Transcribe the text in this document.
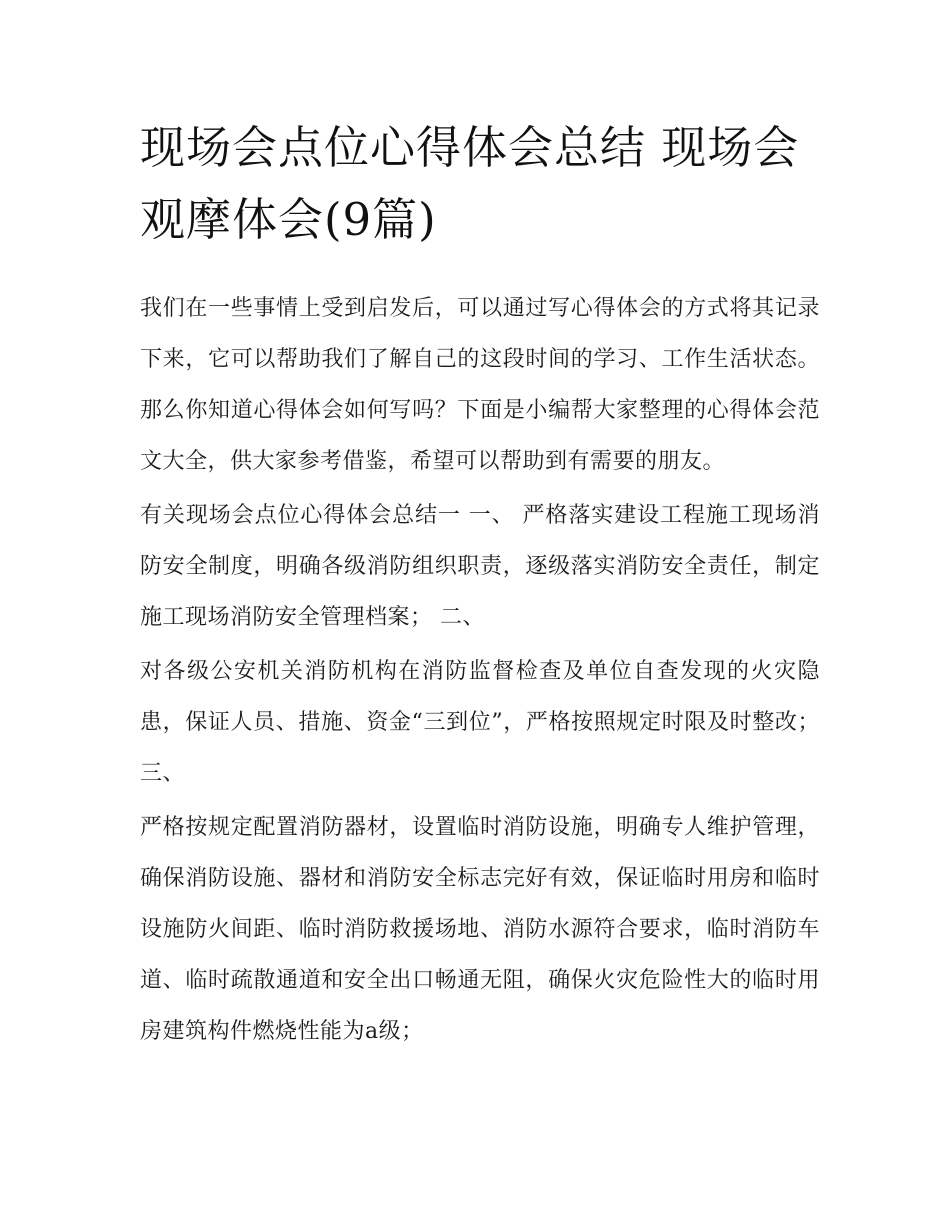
现场会点位心得体会总结 现场会观摩体会(9篇)

我们在一些事情上受到启发后，可以通过写心得体会的方式将其记录下来，它可以帮助我们了解自己的这段时间的学习、工作生活状态。那么你知道心得体会如何写吗？下面是小编帮大家整理的心得体会范文大全，供大家参考借鉴，希望可以帮助到有需要的朋友。

有关现场会点位心得体会总结一 一、 严格落实建设工程施工现场消防安全制度，明确各级消防组织职责，逐级落实消防安全责任，制定施工现场消防安全管理档案； 二、

对各级公安机关消防机构在消防监督检查及单位自查发现的火灾隐患，保证人员、措施、资金“三到位”，严格按照规定时限及时整改； 三、

严格按规定配置消防器材，设置临时消防设施，明确专人维护管理，确保消防设施、器材和消防安全标志完好有效，保证临时用房和临时设施防火间距、临时消防救援场地、消防水源符合要求，临时消防车道、临时疏散通道和安全出口畅通无阻，确保火灾危险性大的临时用房建筑构件燃烧性能为a级；
